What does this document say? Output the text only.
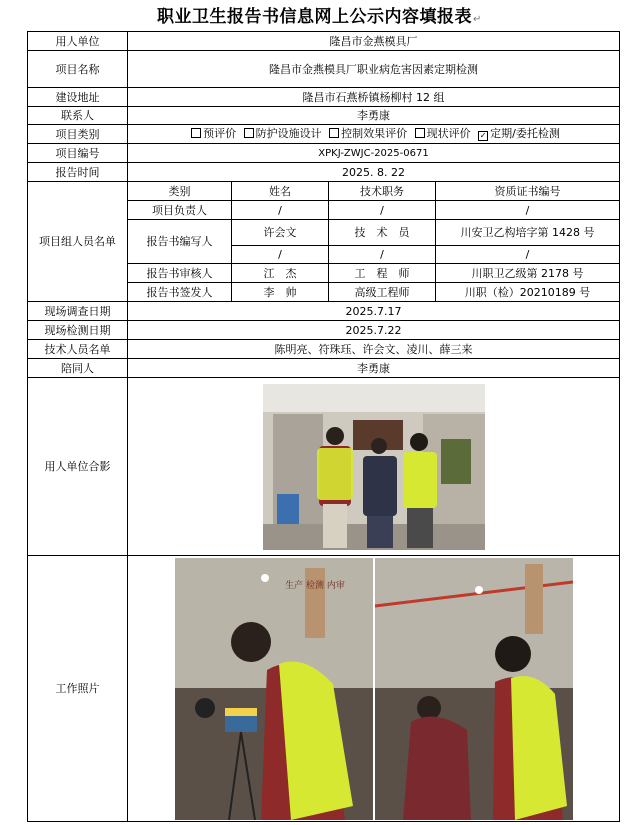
职业卫生报告书信息网上公示内容填报表↵
用人单位	隆昌市金燕模具厂			
项目名称	隆昌市金燕模具厂职业病危害因素定期检测			
建设地址	隆昌市石燕桥镇杨柳村 12 组			
联系人	李勇康			
项目类别	预评价 防护设施设计 控制效果评价 现状评价 ✓ 定期/委托检测			
项目编号	XPKJ-ZWJC-2025-0671			
报告时间	2025. 8. 22			
项目组人员名单	类别	姓名	技术职务	资质证书编号
	项目负责人	/	/	/
	报告书编写人	许会文	技　术　员	川安卫乙构培字第 1428 号
		/	/	/
	报告书审核人	江　杰	工　程　师	川职卫乙级第 2178 号
	报告书签发人	李　帅	高级工程师	川职（检）20210189 号
现场调查日期	2025.7.17			
现场检测日期	2025.7.22			
技术人员名单	陈明亮、符珠珏、许会文、凌川、薛三来			
陪同人	李勇康			
用人单位合影	

工作照片	生产 检测 内审			
